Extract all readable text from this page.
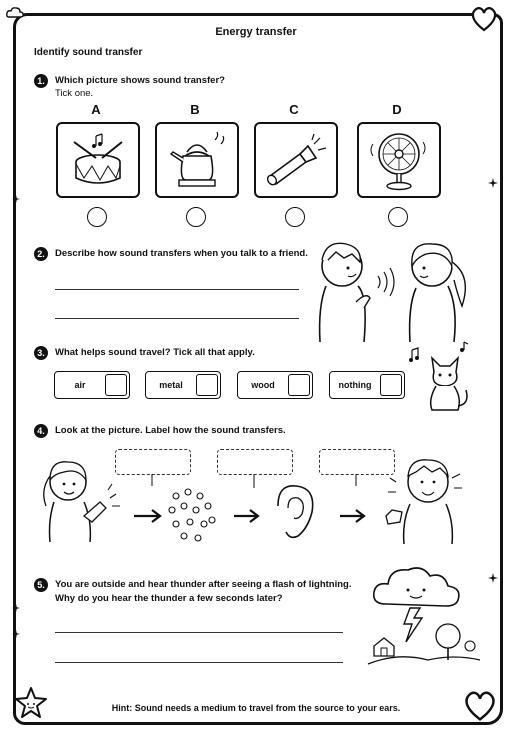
Energy transfer
Identify sound transfer
1.	Which picture shows sound transfer?
Tick one.
A	B	C	D
2.	Describe how sound transfers when you talk to a friend.
3.	What helps sound travel? Tick all that apply.
air	metal	wood	nothing
4.	Look at the picture. Label how the sound transfers.
5.	You are outside and hear thunder after seeing a flash of lightning.
Why do you hear the thunder a few seconds later?
Hint: Sound needs a medium to travel from the source to your ears.
